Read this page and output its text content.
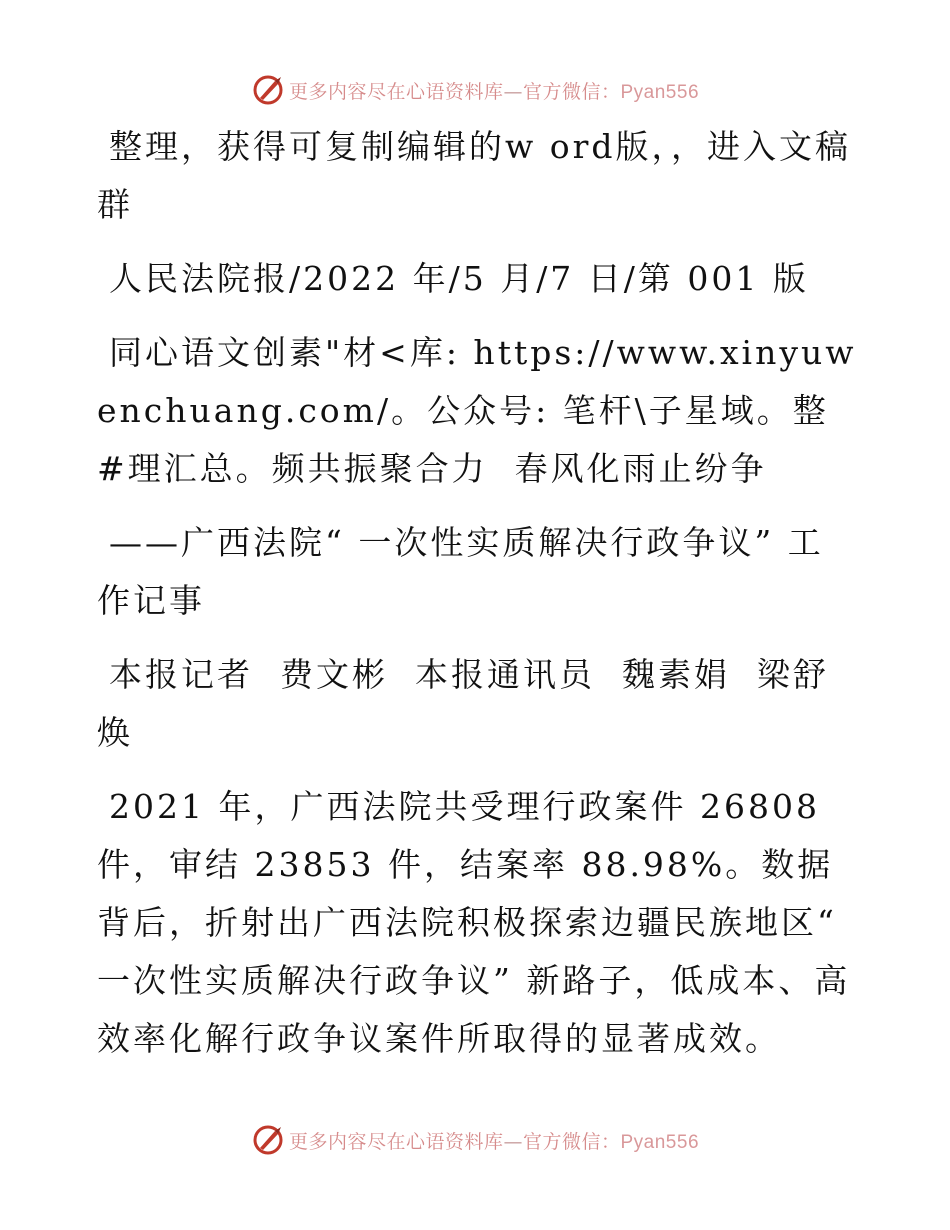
更多内容尽在心语资料库—官方微信：Pyan556

整理，获得可复制编辑的w ord版，，进入文稿群

人民法院报/2022 年/5 月/7 日/第 001 版

同心语文创素"材<库: https://www.xinyuwenchuang.com/。公众号: 笔杆\子星域。整#理汇总。频共振聚合力  春风化雨止纷争

——广西法院“ 一次性实质解决行政争议” 工作记事

本报记者  费文彬  本报通讯员  魏素娟  梁舒焕

2021 年，广西法院共受理行政案件 26808 件，审结 23853 件，结案率 88.98%。数据背后，折射出广西法院积极探索边疆民族地区“ 一次性实质解决行政争议” 新路子，低成本、高效率化解行政争议案件所取得的显著成效。

更多内容尽在心语资料库—官方微信：Pyan556
